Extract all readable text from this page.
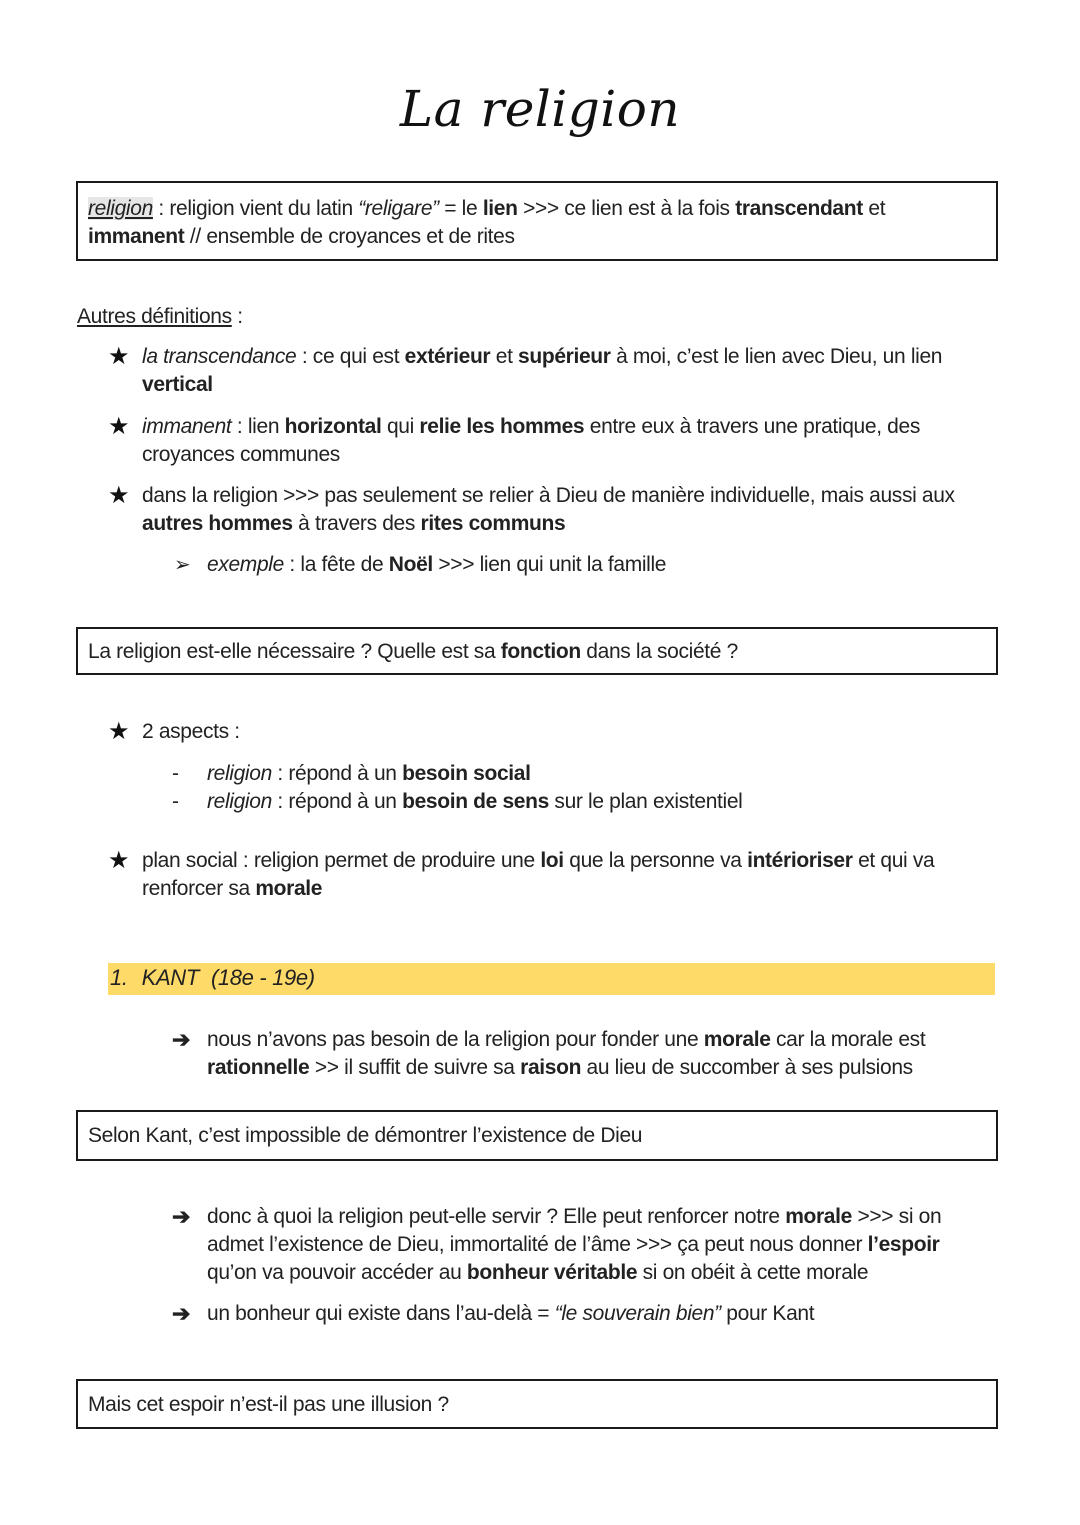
La religion
religion : religion vient du latin “religare” = le lien >>> ce lien est à la fois transcendant et
immanent // ensemble de croyances et de rites
Autres définitions :
★ la transcendance : ce qui est extérieur et supérieur à moi, c’est le lien avec Dieu, un lien
vertical
★ immanent : lien horizontal qui relie les hommes entre eux à travers une pratique, des
croyances communes
★ dans la religion >>> pas seulement se relier à Dieu de manière individuelle, mais aussi aux
autres hommes à travers des rites communs
➢ exemple : la fête de Noël >>> lien qui unit la famille
La religion est-elle nécessaire ? Quelle est sa fonction dans la société ?
★ 2 aspects :
- religion : répond à un besoin social
- religion : répond à un besoin de sens sur le plan existentiel
★ plan social : religion permet de produire une loi que la personne va intérioriser et qui va
renforcer sa morale
1. KANT (18e - 19e)
➔ nous n’avons pas besoin de la religion pour fonder une morale car la morale est
rationnelle >> il suffit de suivre sa raison au lieu de succomber à ses pulsions
Selon Kant, c’est impossible de démontrer l’existence de Dieu
➔ donc à quoi la religion peut-elle servir ? Elle peut renforcer notre morale >>> si on
admet l’existence de Dieu, immortalité de l’âme >>> ça peut nous donner l’espoir
qu’on va pouvoir accéder au bonheur véritable si on obéit à cette morale
➔ un bonheur qui existe dans l’au-delà = “le souverain bien” pour Kant
Mais cet espoir n’est-il pas une illusion ?
